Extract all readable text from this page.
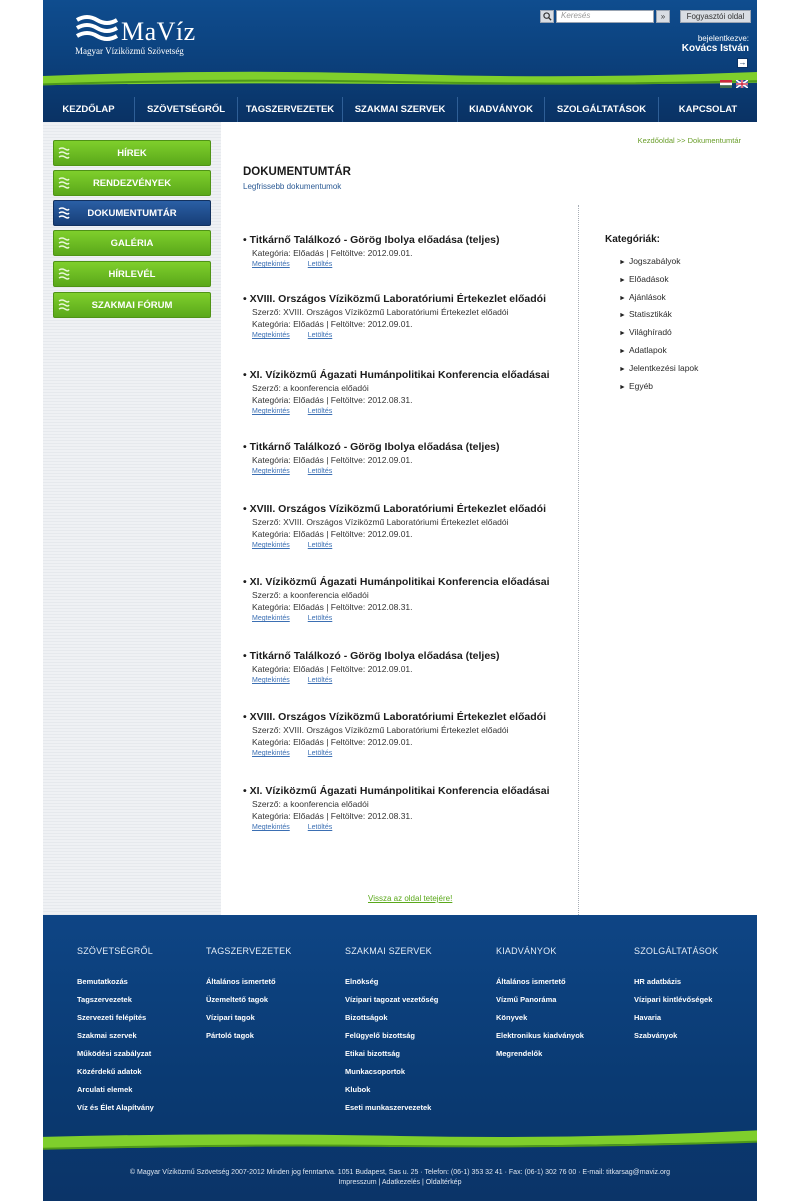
MaVíz
Magyar Víziközmű Szövetség
Keresés	»	Fogyasztói oldal
bejelentkezve:
Kovács István
→
KEZDŐLAP	SZÖVETSÉGRŐL	TAGSZERVEZETEK	SZAKMAI SZERVEK	KIADVÁNYOK	SZOLGÁLTATÁSOK	KAPCSOLAT
HÍREK
RENDEZVÉNYEK
DOKUMENTUMTÁR
GALÉRIA
HÍRLEVÉL
SZAKMAI FÓRUM
Kezdőoldal >> Dokumentumtár
DOKUMENTUMTÁR
Legfrissebb dokumentumok
• Titkárnő Találkozó - Görög Ibolya előadása (teljes)
Kategória: Előadás | Feltöltve: 2012.09.01.
Megtekintés	Letöltés
• XVIII. Országos Víziközmű Laboratóriumi Értekezlet előadói
Szerző: XVIII. Országos Víziközmű Laboratóriumi Értekezlet előadói
Kategória: Előadás | Feltöltve: 2012.09.01.
Megtekintés	Letöltés
• XI. Víziközmű Ágazati Humánpolitikai Konferencia előadásai
Szerző: a koonferencia előadói
Kategória: Előadás | Feltöltve: 2012.08.31.
Megtekintés	Letöltés
• Titkárnő Találkozó - Görög Ibolya előadása (teljes)
Kategória: Előadás | Feltöltve: 2012.09.01.
Megtekintés	Letöltés
• XVIII. Országos Víziközmű Laboratóriumi Értekezlet előadói
Szerző: XVIII. Országos Víziközmű Laboratóriumi Értekezlet előadói
Kategória: Előadás | Feltöltve: 2012.09.01.
Megtekintés	Letöltés
• XI. Víziközmű Ágazati Humánpolitikai Konferencia előadásai
Szerző: a koonferencia előadói
Kategória: Előadás | Feltöltve: 2012.08.31.
Megtekintés	Letöltés
• Titkárnő Találkozó - Görög Ibolya előadása (teljes)
Kategória: Előadás | Feltöltve: 2012.09.01.
Megtekintés	Letöltés
• XVIII. Országos Víziközmű Laboratóriumi Értekezlet előadói
Szerző: XVIII. Országos Víziközmű Laboratóriumi Értekezlet előadói
Kategória: Előadás | Feltöltve: 2012.09.01.
Megtekintés	Letöltés
• XI. Víziközmű Ágazati Humánpolitikai Konferencia előadásai
Szerző: a koonferencia előadói
Kategória: Előadás | Feltöltve: 2012.08.31.
Megtekintés	Letöltés
Kategóriák:
► Jogszabályok
► Előadások
► Ajánlások
► Statisztikák
► Világhíradó
► Adatlapok
► Jelentkezési lapok
► Egyéb
Vissza az oldal tetejére!
SZÖVETSÉGRŐL
Bemutatkozás
Tagszervezetek
Szervezeti felépítés
Szakmai szervek
Működési szabályzat
Közérdekű adatok
Arculati elemek
Víz és Élet Alapítvány
TAGSZERVEZETEK
Általános ismertető
Üzemeltető tagok
Vízipari tagok
Pártoló tagok
SZAKMAI SZERVEK
Elnökség
Vízipari tagozat vezetőség
Bizottságok
Felügyelő bizottság
Etikai bizottság
Munkacsoportok
Klubok
Eseti munkaszervezetek
KIADVÁNYOK
Általános ismertető
Vízmű Panoráma
Könyvek
Elektronikus kiadványok
Megrendelők
SZOLGÁLTATÁSOK
HR adatbázis
Vízipari kintlévőségek
Havaria
Szabványok
© Magyar Víziközmű Szövetség 2007-2012 Minden jog fenntartva. 1051 Budapest, Sas u. 25 · Telefon: (06-1) 353 32 41 · Fax: (06-1) 302 76 00 · E-mail: titkarsag@maviz.org
Impresszum | Adatkezelés | Oldaltérkép
